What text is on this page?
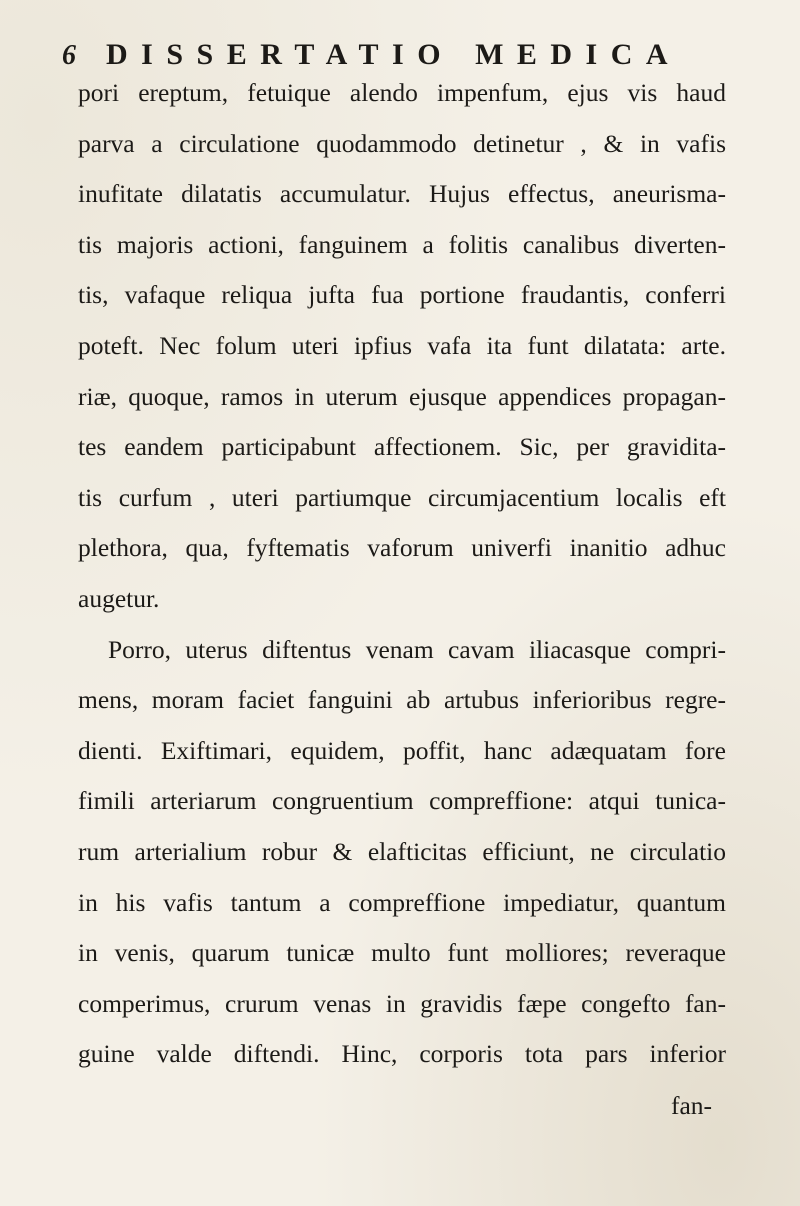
6	DISSERTATIO MEDICA
pori ereptum, fetuique alendo impenfum, ejus vis haud
parva a circulatione quodammodo detinetur , & in vafis
inufitate dilatatis accumulatur. Hujus effectus, aneurisma-
tis majoris actioni, fanguinem a folitis canalibus diverten-
tis, vafaque reliqua jufta fua portione fraudantis, conferri
poteft. Nec folum uteri ipfius vafa ita funt dilatata: arte.
riæ, quoque, ramos in uterum ejusque appendices propagan-
tes eandem participabunt affectionem. Sic, per gravidita-
tis curfum , uteri partiumque circumjacentium localis eft
plethora, qua, fyftematis vaforum univerfi inanitio adhuc
augetur.
Porro, uterus diftentus venam cavam iliacasque compri-
mens, moram faciet fanguini ab artubus inferioribus regre-
dienti. Exiftimari, equidem, poffit, hanc adæquatam fore
fimili arteriarum congruentium compreffione: atqui tunica-
rum arterialium robur & elafticitas efficiunt, ne circulatio
in his vafis tantum a compreffione impediatur, quantum
in venis, quarum tunicæ multo funt molliores; reveraque
comperimus, crurum venas in gravidis fæpe congefto fan-
guine valde diftendi. Hinc, corporis tota pars inferior
fan-
